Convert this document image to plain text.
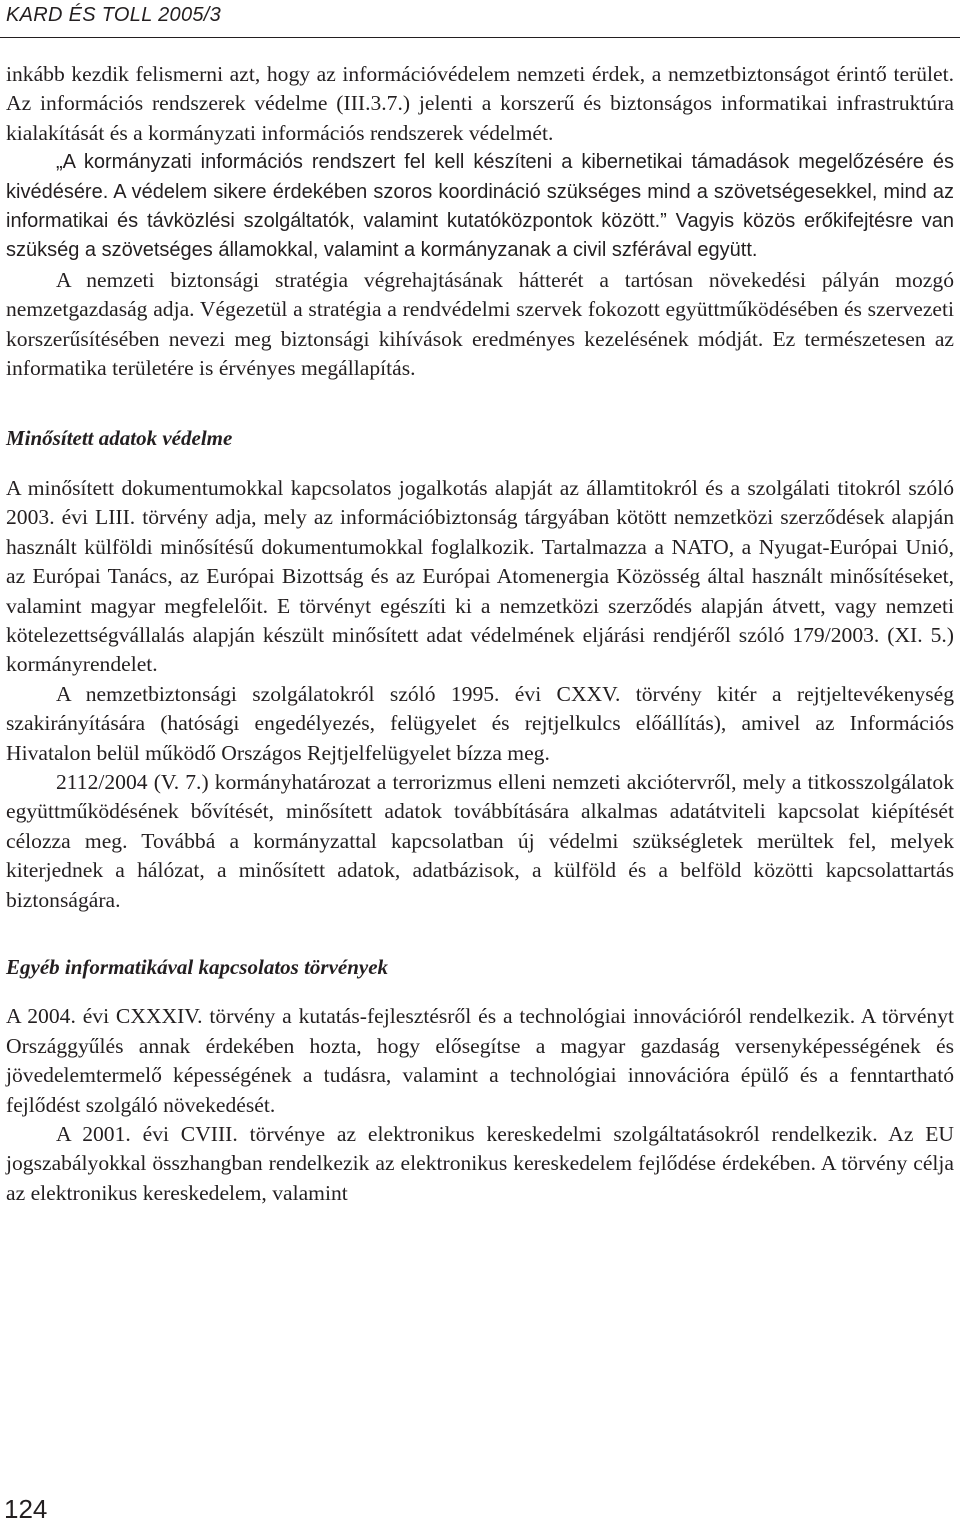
KARD ÉS TOLL 2005/3

inkább kezdik felismerni azt, hogy az információvédelem nemzeti érdek, a nemzetbiztonságot érintő terület. Az információs rendszerek védelme (III.3.7.) jelenti a korszerű és biztonságos informatikai infrastruktúra kialakítását és a kormányzati információs rendszerek védelmét.

„A kormányzati információs rendszert fel kell készíteni a kibernetikai támadások megelőzésére és kivédésére. A védelem sikere érdekében szoros koordináció szükséges mind a szövetségesekkel, mind az informatikai és távközlési szolgáltatók, valamint kutatóközpontok között.” Vagyis közös erőkifejtésre van szükség a szövetséges államokkal, valamint a kormányzanak a civil szférával együtt.

A nemzeti biztonsági stratégia végrehajtásának hátterét a tartósan növekedési pályán mozgó nemzetgazdaság adja. Végezetül a stratégia a rendvédelmi szervek fokozott együttműködésében és szervezeti korszerűsítésében nevezi meg biztonsági kihívások eredményes kezelésének módját. Ez természetesen az informatika területére is érvényes megállapítás.

Minősített adatok védelme

A minősített dokumentumokkal kapcsolatos jogalkotás alapját az államtitokról és a szolgálati titokról szóló 2003. évi LIII. törvény adja, mely az információbiztonság tárgyában kötött nemzetközi szerződések alapján használt külföldi minősítésű dokumentumokkal foglalkozik. Tartalmazza a NATO, a Nyugat-Európai Unió, az Európai Tanács, az Európai Bizottság és az Európai Atomenergia Közösség által használt minősítéseket, valamint magyar megfelelőit. E törvényt egészíti ki a nemzetközi szerződés alapján átvett, vagy nemzeti kötelezettségvállalás alapján készült minősített adat védelmének eljárási rendjéről szóló 179/2003. (XI. 5.) kormányrendelet.

A nemzetbiztonsági szolgálatokról szóló 1995. évi CXXV. törvény kitér a rejtjeltevékenység szakirányítására (hatósági engedélyezés, felügyelet és rejtjelkulcs előállítás), amivel az Információs Hivatalon belül működő Országos Rejtjelfelügyelet bízza meg.

2112/2004 (V. 7.) kormányhatározat a terrorizmus elleni nemzeti akciótervről, mely a titkosszolgálatok együttműködésének bővítését, minősített adatok továbbítására alkalmas adatátviteli kapcsolat kiépítését célozza meg. Továbbá a kormányzattal kapcsolatban új védelmi szükségletek merültek fel, melyek kiterjednek a hálózat, a minősített adatok, adatbázisok, a külföld és a belföld közötti kapcsolattartás biztonságára.

Egyéb informatikával kapcsolatos törvények

A 2004. évi CXXXIV. törvény a kutatás-fejlesztésről és a technológiai innovációról rendelkezik. A törvényt Országgyűlés annak érdekében hozta, hogy elősegítse a magyar gazdaság versenyképességének és jövedelemtermelő képességének a tudásra, valamint a technológiai innovációra épülő és a fenntartható fejlődést szolgáló növekedését.

A 2001. évi CVIII. törvénye az elektronikus kereskedelmi szolgáltatásokról rendelkezik. Az EU jogszabályokkal összhangban rendelkezik az elektronikus kereskedelem fejlődése érdekében. A törvény célja az elektronikus kereskedelem, valamint

124
